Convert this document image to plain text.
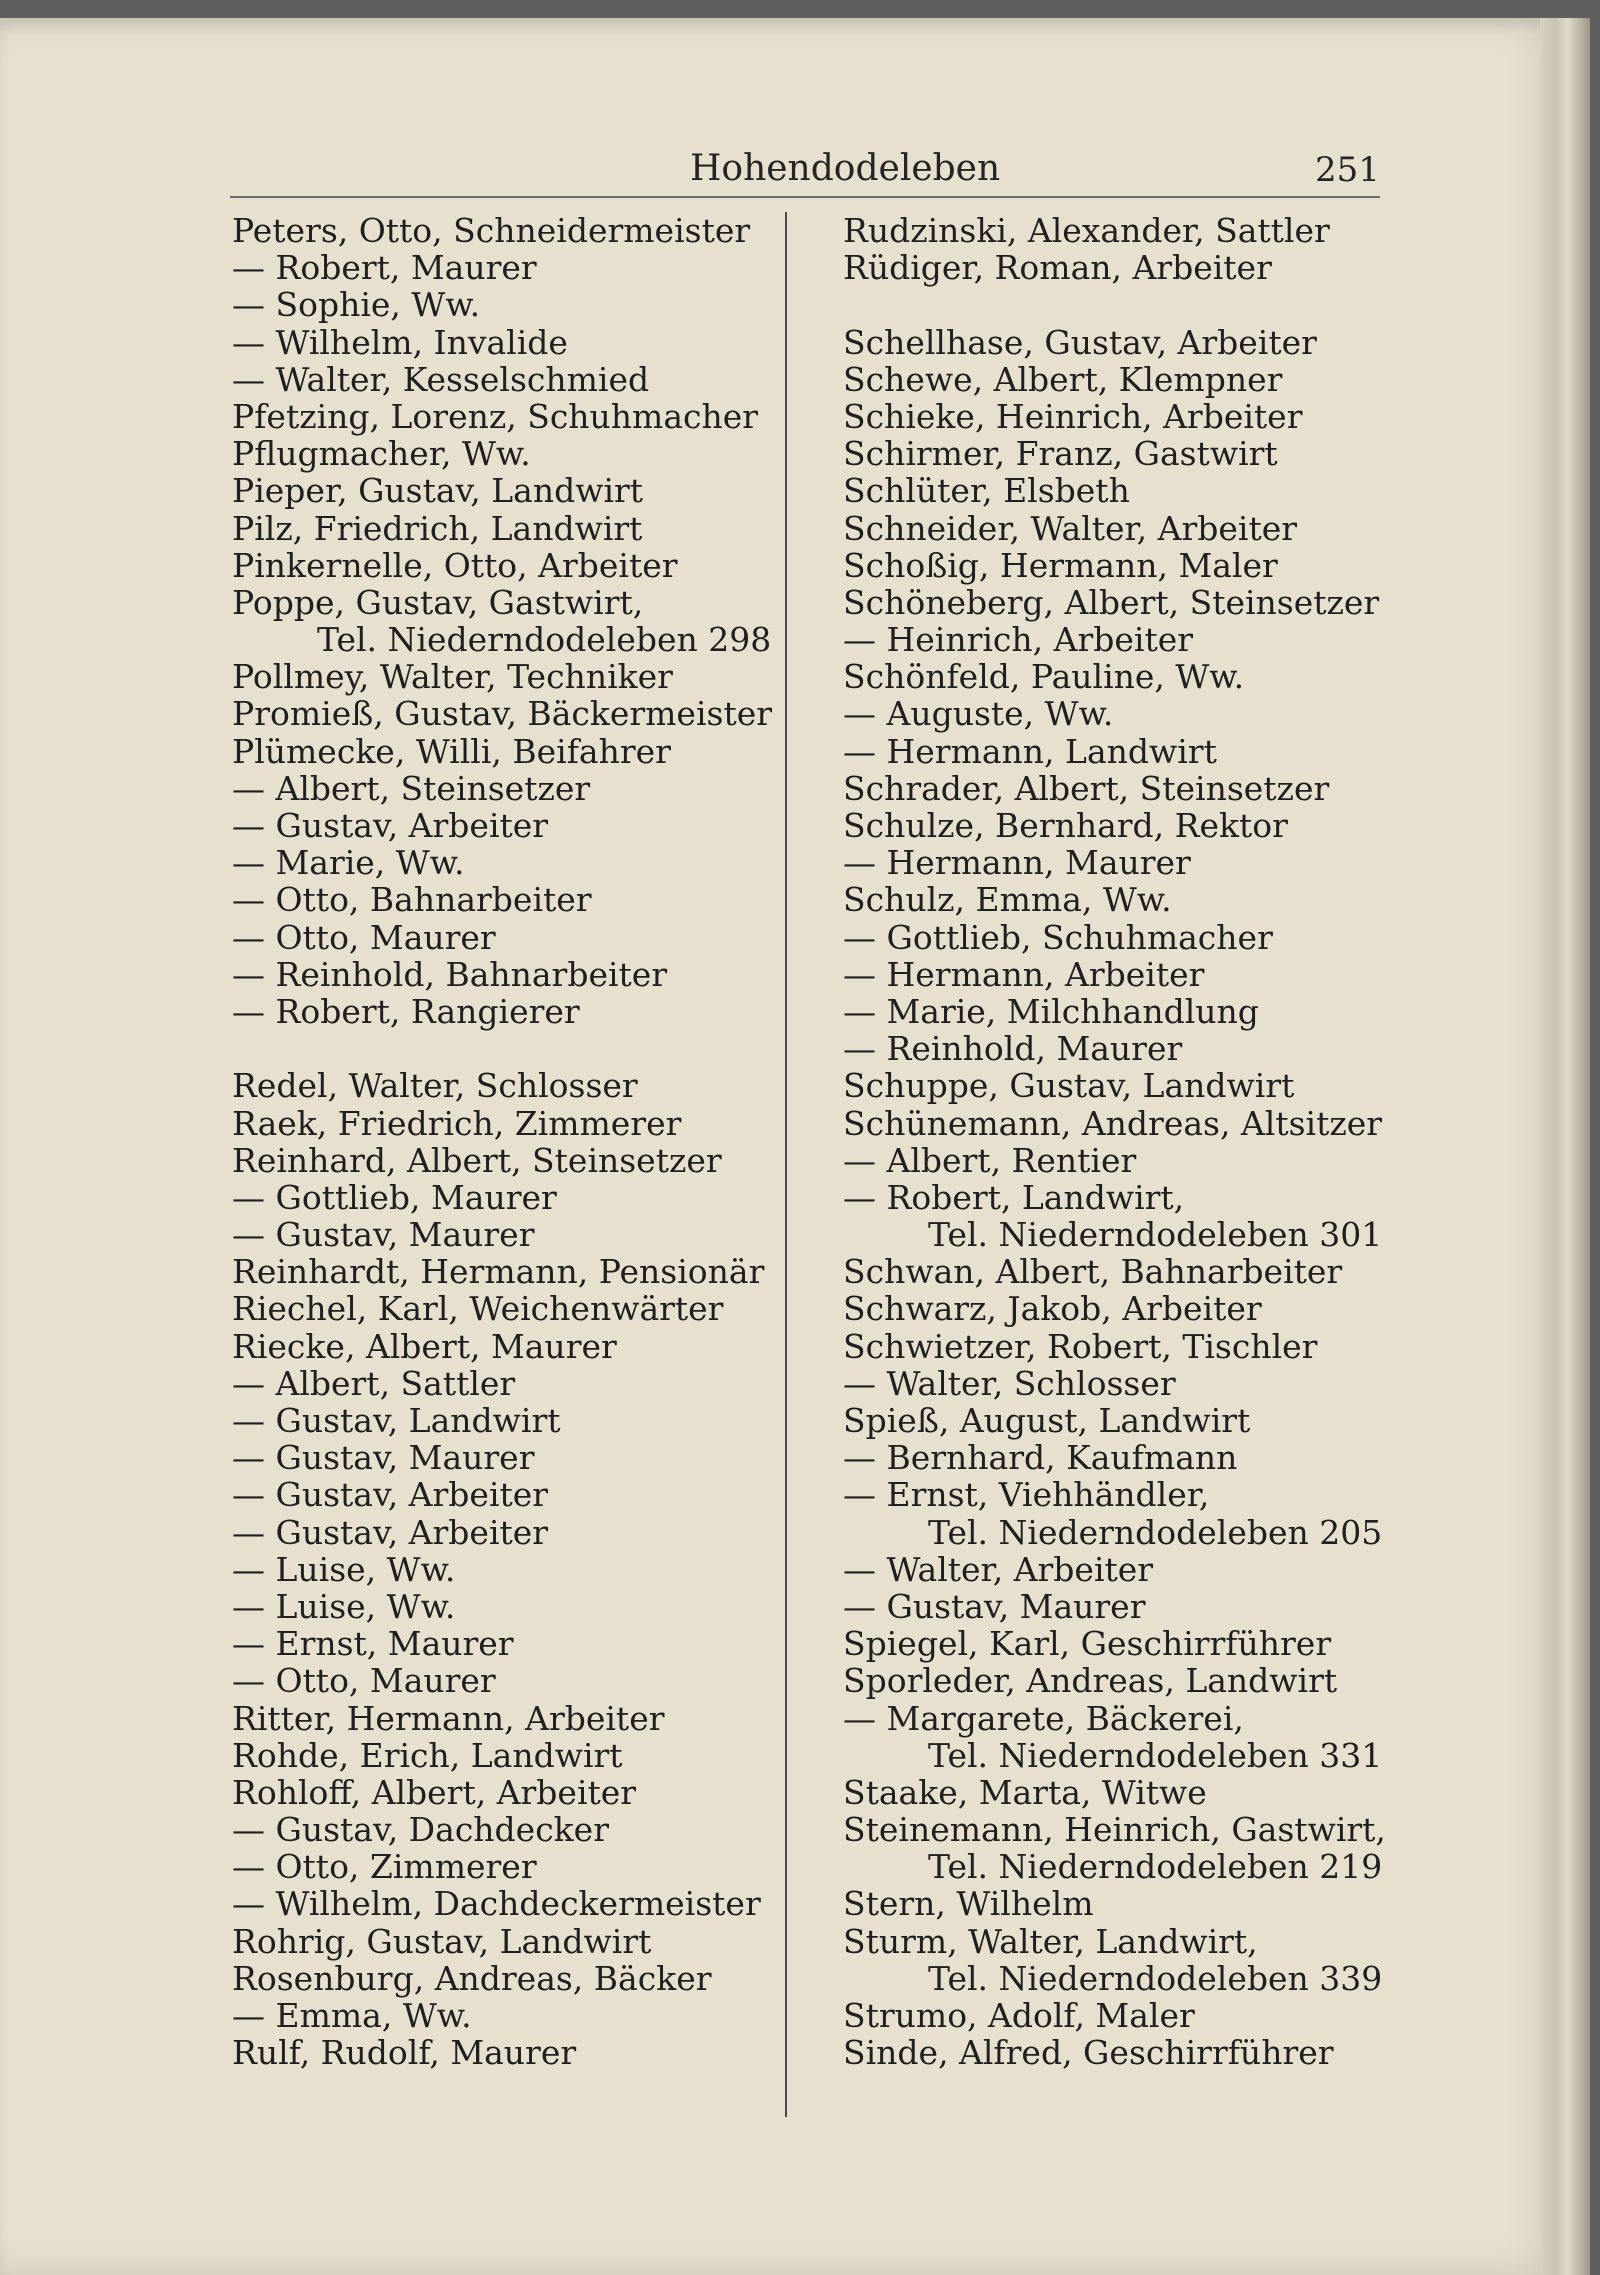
Hohendodeleben	251
Peters, Otto, Schneidermeister
— Robert, Maurer
— Sophie, Ww.
— Wilhelm, Invalide
— Walter, Kesselschmied
Pfetzing, Lorenz, Schuhmacher
Pflugmacher, Ww.
Pieper, Gustav, Landwirt
Pilz, Friedrich, Landwirt
Pinkernelle, Otto, Arbeiter
Poppe, Gustav, Gastwirt,
Tel. Niederndodeleben 298
Pollmey, Walter, Techniker
Promieß, Gustav, Bäckermeister
Plümecke, Willi, Beifahrer
— Albert, Steinsetzer
— Gustav, Arbeiter
— Marie, Ww.
— Otto, Bahnarbeiter
— Otto, Maurer
— Reinhold, Bahnarbeiter
— Robert, Rangierer
Redel, Walter, Schlosser
Raek, Friedrich, Zimmerer
Reinhard, Albert, Steinsetzer
— Gottlieb, Maurer
— Gustav, Maurer
Reinhardt, Hermann, Pensionär
Riechel, Karl, Weichenwärter
Riecke, Albert, Maurer
— Albert, Sattler
— Gustav, Landwirt
— Gustav, Maurer
— Gustav, Arbeiter
— Gustav, Arbeiter
— Luise, Ww.
— Luise, Ww.
— Ernst, Maurer
— Otto, Maurer
Ritter, Hermann, Arbeiter
Rohde, Erich, Landwirt
Rohloff, Albert, Arbeiter
— Gustav, Dachdecker
— Otto, Zimmerer
— Wilhelm, Dachdeckermeister
Rohrig, Gustav, Landwirt
Rosenburg, Andreas, Bäcker
— Emma, Ww.
Rulf, Rudolf, Maurer
Rudzinski, Alexander, Sattler
Rüdiger, Roman, Arbeiter
Schellhase, Gustav, Arbeiter
Schewe, Albert, Klempner
Schieke, Heinrich, Arbeiter
Schirmer, Franz, Gastwirt
Schlüter, Elsbeth
Schneider, Walter, Arbeiter
Schoßig, Hermann, Maler
Schöneberg, Albert, Steinsetzer
— Heinrich, Arbeiter
Schönfeld, Pauline, Ww.
— Auguste, Ww.
— Hermann, Landwirt
Schrader, Albert, Steinsetzer
Schulze, Bernhard, Rektor
— Hermann, Maurer
Schulz, Emma, Ww.
— Gottlieb, Schuhmacher
— Hermann, Arbeiter
— Marie, Milchhandlung
— Reinhold, Maurer
Schuppe, Gustav, Landwirt
Schünemann, Andreas, Altsitzer
— Albert, Rentier
— Robert, Landwirt,
Tel. Niederndodeleben 301
Schwan, Albert, Bahnarbeiter
Schwarz, Jakob, Arbeiter
Schwietzer, Robert, Tischler
— Walter, Schlosser
Spieß, August, Landwirt
— Bernhard, Kaufmann
— Ernst, Viehhändler,
Tel. Niederndodeleben 205
— Walter, Arbeiter
— Gustav, Maurer
Spiegel, Karl, Geschirrführer
Sporleder, Andreas, Landwirt
— Margarete, Bäckerei,
Tel. Niederndodeleben 331
Staake, Marta, Witwe
Steinemann, Heinrich, Gastwirt,
Tel. Niederndodeleben 219
Stern, Wilhelm
Sturm, Walter, Landwirt,
Tel. Niederndodeleben 339
Strumo, Adolf, Maler
Sinde, Alfred, Geschirrführer
